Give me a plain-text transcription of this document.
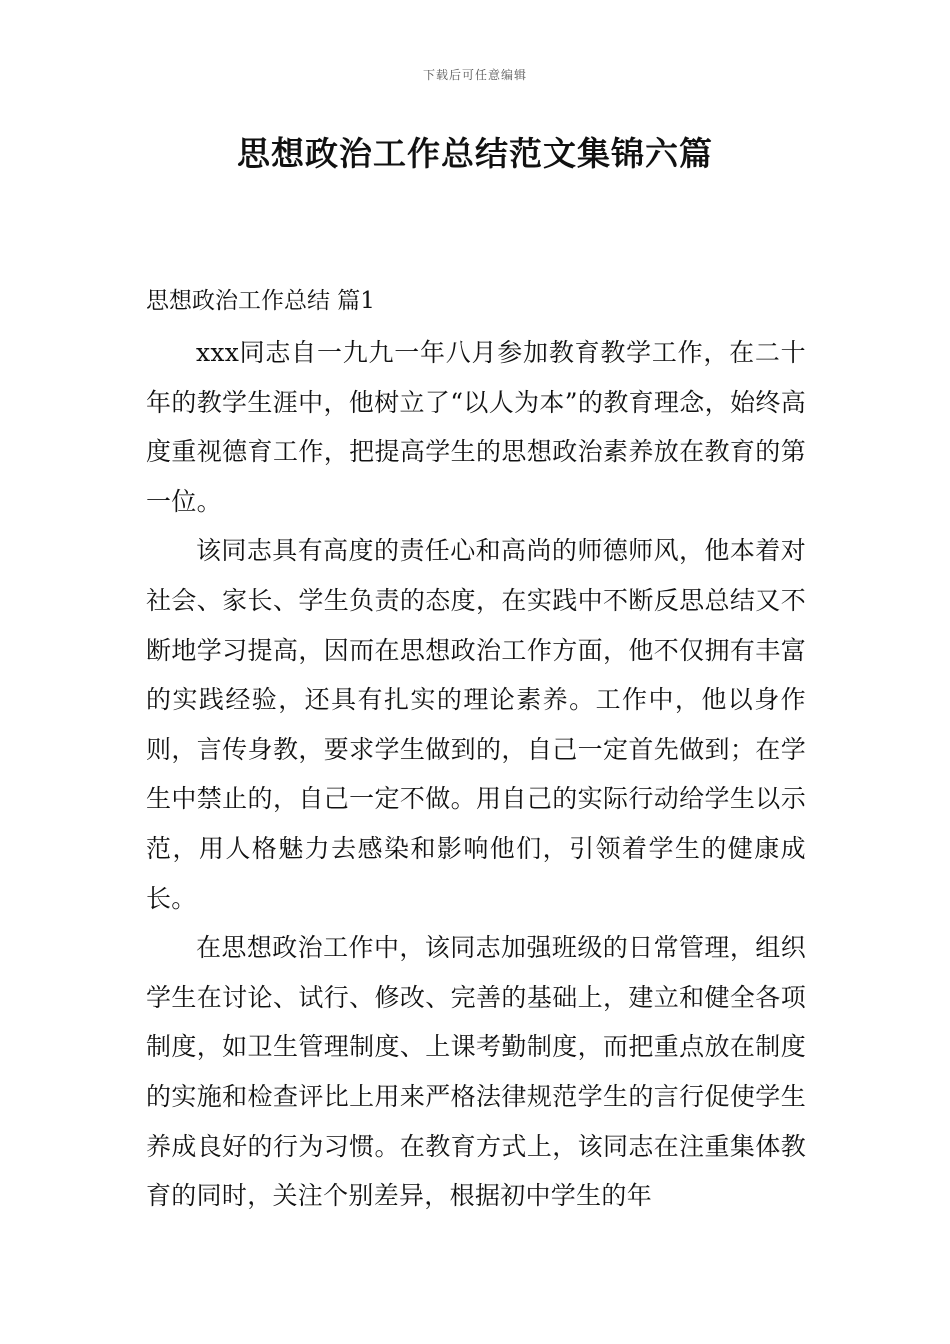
下载后可任意编辑
思想政治工作总结范文集锦六篇
思想政治工作总结 篇1

xxx同志自一九九一年八月参加教育教学工作，在二十年的教学生涯中，他树立了“以人为本”的教育理念，始终高度重视德育工作，把提高学生的思想政治素养放在教育的第一位。

该同志具有高度的责任心和高尚的师德师风，他本着对社会、家长、学生负责的态度，在实践中不断反思总结又不断地学习提高，因而在思想政治工作方面，他不仅拥有丰富的实践经验，还具有扎实的理论素养。工作中，他以身作则，言传身教，要求学生做到的，自己一定首先做到；在学生中禁止的，自己一定不做。用自己的实际行动给学生以示范，用人格魅力去感染和影响他们，引领着学生的健康成长。

在思想政治工作中，该同志加强班级的日常管理，组织学生在讨论、试行、修改、完善的基础上，建立和健全各项制度，如卫生管理制度、上课考勤制度，而把重点放在制度的实施和检查评比上用来严格法律规范学生的言行促使学生养成良好的行为习惯。在教育方式上，该同志在注重集体教育的同时，关注个别差异，根据初中学生的年
